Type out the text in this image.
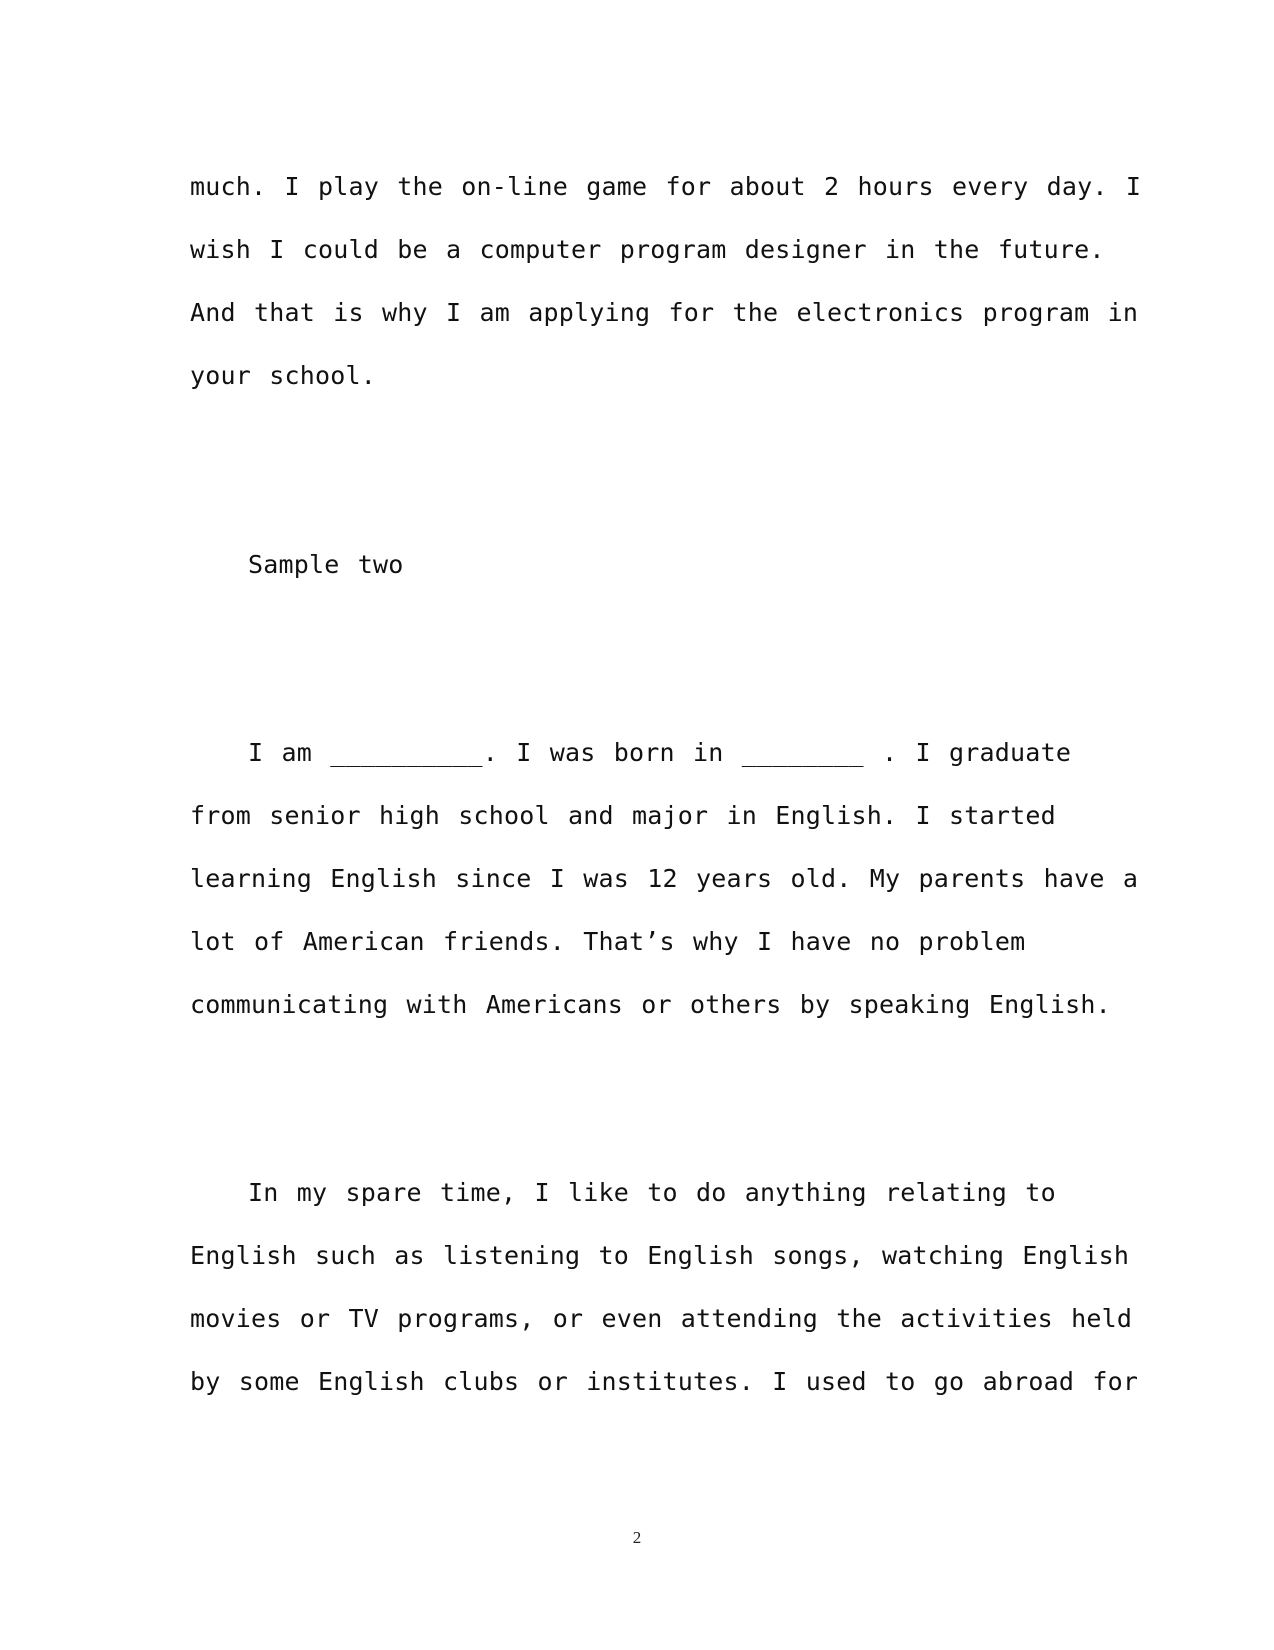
much. I play the on-line game for about 2 hours every day. I
wish I could be a computer program designer in the future.
And that is why I am applying for the electronics program in
your school.
Sample two
I am __________. I was born in ________ . I graduate
from senior high school and major in English. I started
learning English since I was 12 years old. My parents have a
lot of American friends. That’s why I have no problem
communicating with Americans or others by speaking English.
In my spare time, I like to do anything relating to
English such as listening to English songs, watching English
movies or TV programs, or even attending the activities held
by some English clubs or institutes. I used to go abroad for
2
